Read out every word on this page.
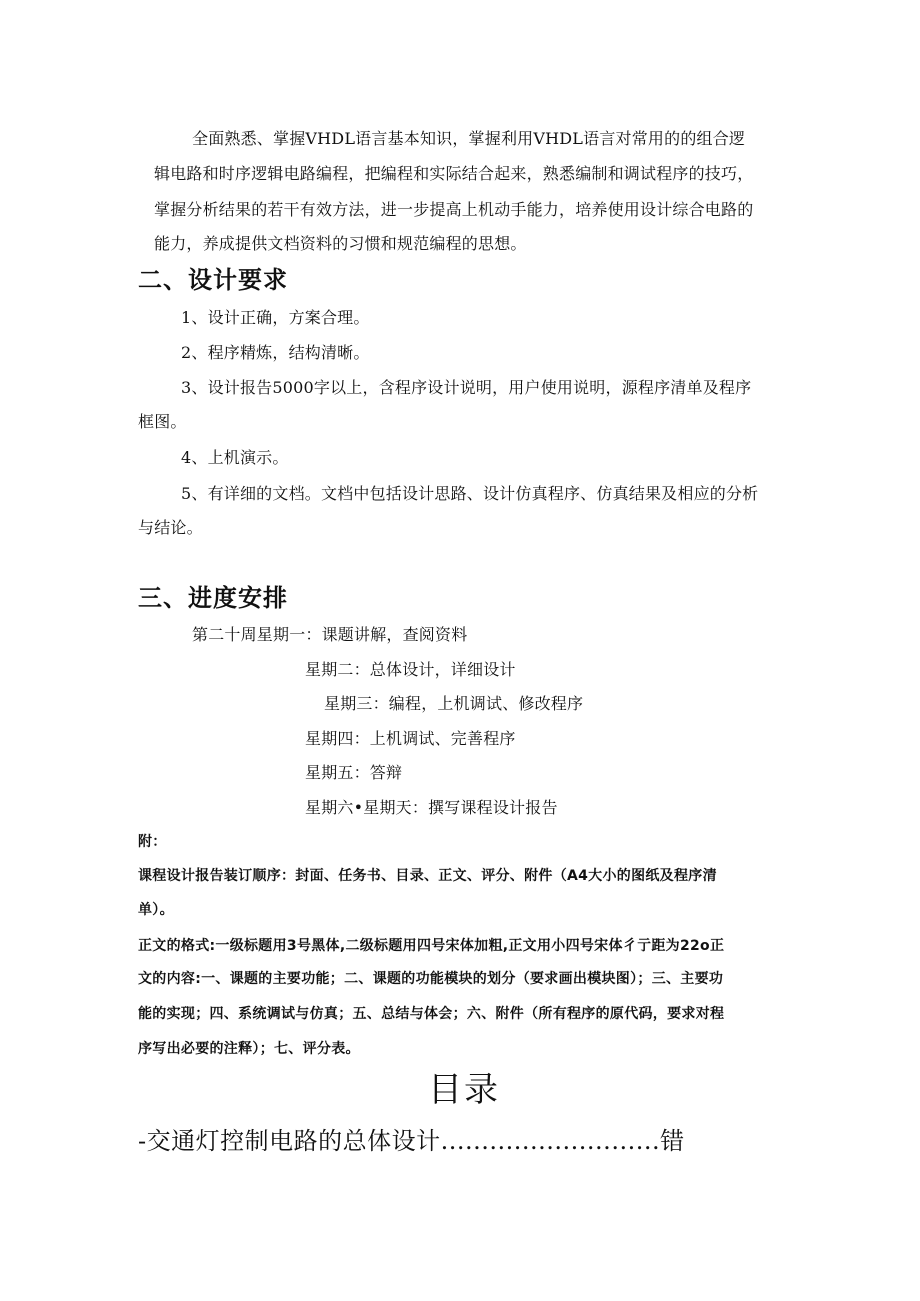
全面熟悉、掌握VHDL语言基本知识，掌握利用VHDL语言对常用的的组合逻
辑电路和时序逻辑电路编程，把编程和实际结合起来，熟悉编制和调试程序的技巧，
掌握分析结果的若干有效方法，进一步提高上机动手能力，培养使用设计综合电路的
能力，养成提供文档资料的习惯和规范编程的思想。
二、设计要求
1、设计正确，方案合理。
2、程序精炼，结构清晰。
3、设计报告5000字以上，含程序设计说明，用户使用说明，源程序清单及程序
框图。
4、上机演示。
5、有详细的文档。文档中包括设计思路、设计仿真程序、仿真结果及相应的分析
与结论。
三、进度安排
第二十周星期一：课题讲解，查阅资料
星期二：总体设计，详细设计
星期三：编程，上机调试、修改程序
星期四：上机调试、完善程序
星期五：答辩
星期六•星期天：撰写课程设计报告
附：
课程设计报告装订顺序：封面、任务书、目录、正文、评分、附件（A4大小的图纸及程序清
单）。
正文的格式:一级标题用3号黑体,二级标题用四号宋体加粗,正文用小四号宋体彳亍距为22o正
文的内容:一、课题的主要功能；二、课题的功能模块的划分（要求画出模块图）；三、主要功
能的实现；四、系统调试与仿真；五、总结与体会；六、附件（所有程序的原代码，要求对程
序写出必要的注释）；七、评分表。
目录
-交通灯控制电路的总体设计...........................错
